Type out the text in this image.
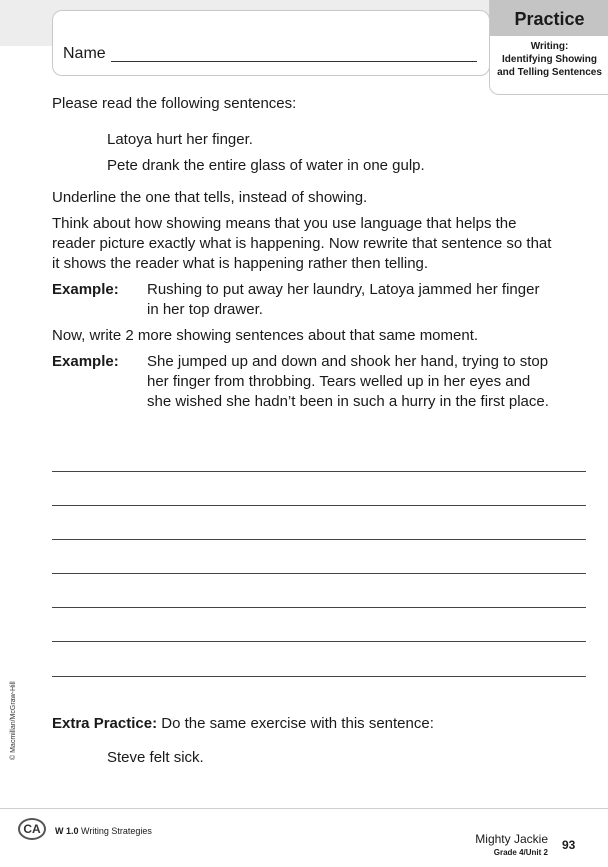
Name
Practice
Writing:
Identifying Showing
and Telling Sentences

Please read the following sentences:

Latoya hurt her finger.

Pete drank the entire glass of water in one gulp.

Underline the one that tells, instead of showing.

Think about how showing means that you use language that helps the reader picture exactly what is happening. Now rewrite that sentence so that it shows the reader what is happening rather then telling.

Example:	Rushing to put away her laundry, Latoya jammed her finger in her top drawer.

Now, write 2 more showing sentences about that same moment.

Example:	She jumped up and down and shook her hand, trying to stop her finger from throbbing. Tears welled up in her eyes and she wished she hadn’t been in such a hurry in the first place.

Extra Practice: Do the same exercise with this sentence:

Steve felt sick.

© Macmillan/McGraw-Hill
CA	W 1.0 Writing Strategies
Mighty Jackie
Grade 4/Unit 2
93
